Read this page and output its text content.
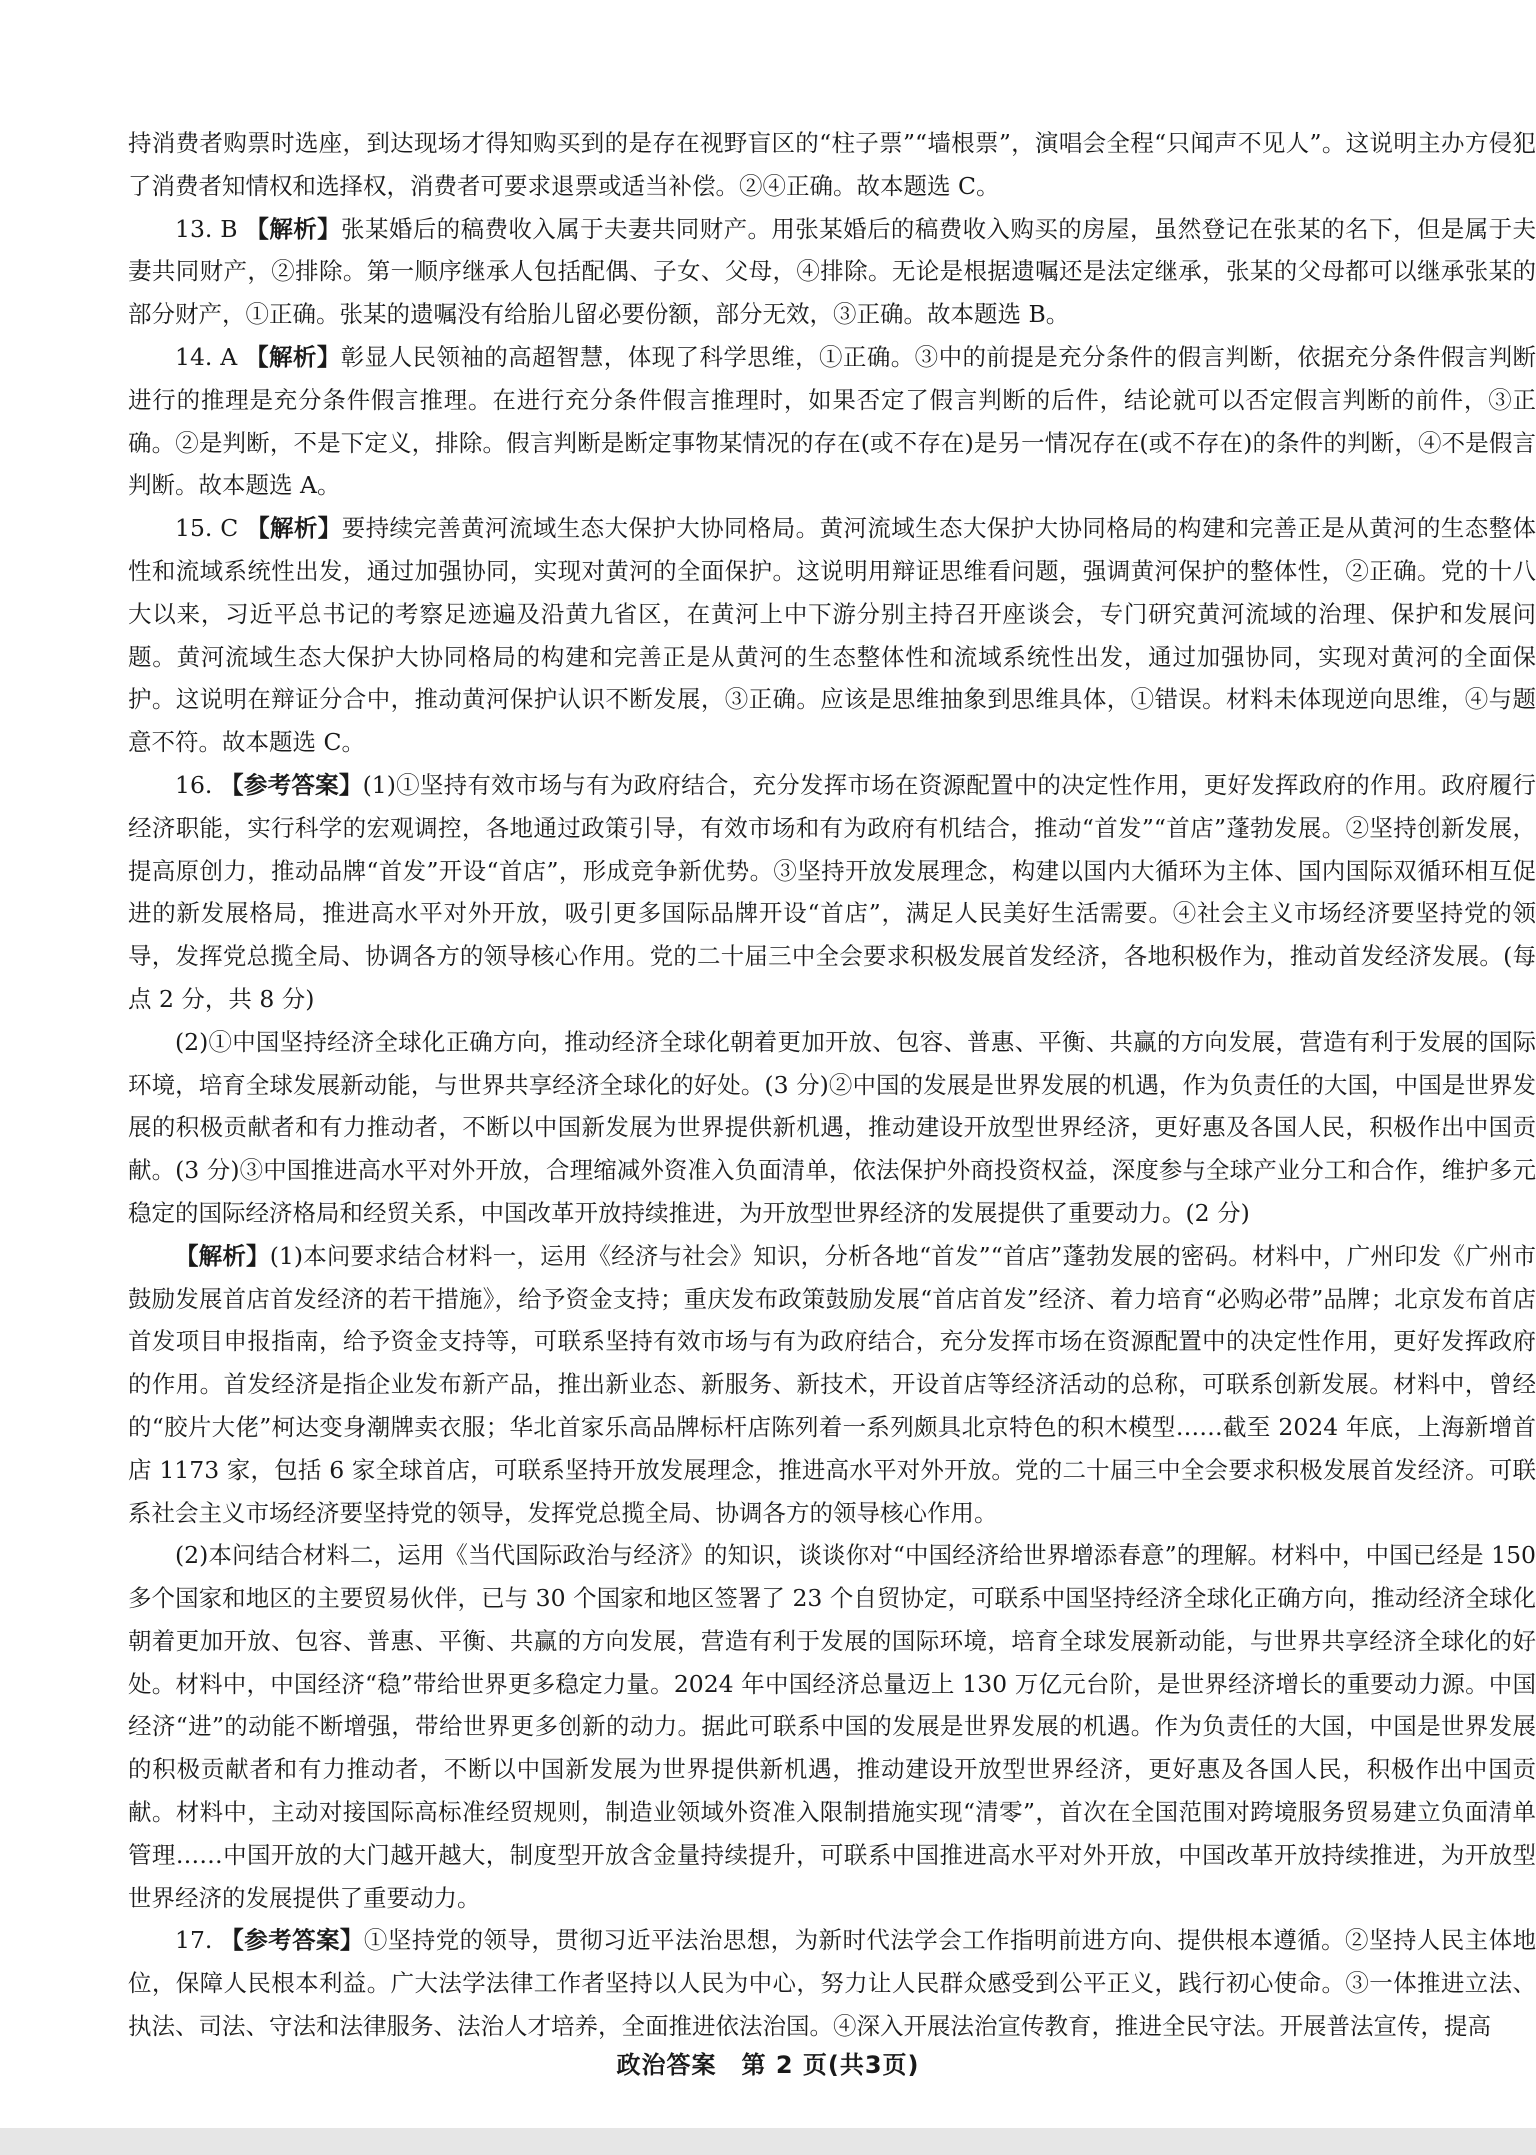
持消费者购票时选座，到达现场才得知购买到的是存在视野盲区的“柱子票”“墙根票”，演唱会全程“只闻声不见人”。这说明主办方侵犯了消费者知情权和选择权，消费者可要求退票或适当补偿。②④正确。故本题选 C。

13. B 【解析】张某婚后的稿费收入属于夫妻共同财产。用张某婚后的稿费收入购买的房屋，虽然登记在张某的名下，但是属于夫妻共同财产，②排除。第一顺序继承人包括配偶、子女、父母，④排除。无论是根据遗嘱还是法定继承，张某的父母都可以继承张某的部分财产，①正确。张某的遗嘱没有给胎儿留必要份额，部分无效，③正确。故本题选 B。

14. A 【解析】彰显人民领袖的高超智慧，体现了科学思维，①正确。③中的前提是充分条件的假言判断，依据充分条件假言判断进行的推理是充分条件假言推理。在进行充分条件假言推理时，如果否定了假言判断的后件，结论就可以否定假言判断的前件，③正确。②是判断，不是下定义，排除。假言判断是断定事物某情况的存在(或不存在)是另一情况存在(或不存在)的条件的判断，④不是假言判断。故本题选 A。

15. C 【解析】要持续完善黄河流域生态大保护大协同格局。黄河流域生态大保护大协同格局的构建和完善正是从黄河的生态整体性和流域系统性出发，通过加强协同，实现对黄河的全面保护。这说明用辩证思维看问题，强调黄河保护的整体性，②正确。党的十八大以来，习近平总书记的考察足迹遍及沿黄九省区，在黄河上中下游分别主持召开座谈会，专门研究黄河流域的治理、保护和发展问题。黄河流域生态大保护大协同格局的构建和完善正是从黄河的生态整体性和流域系统性出发，通过加强协同，实现对黄河的全面保护。这说明在辩证分合中，推动黄河保护认识不断发展，③正确。应该是思维抽象到思维具体，①错误。材料未体现逆向思维，④与题意不符。故本题选 C。

16. 【参考答案】(1)①坚持有效市场与有为政府结合，充分发挥市场在资源配置中的决定性作用，更好发挥政府的作用。政府履行经济职能，实行科学的宏观调控，各地通过政策引导，有效市场和有为政府有机结合，推动“首发”“首店”蓬勃发展。②坚持创新发展，提高原创力，推动品牌“首发”开设“首店”，形成竞争新优势。③坚持开放发展理念，构建以国内大循环为主体、国内国际双循环相互促进的新发展格局，推进高水平对外开放，吸引更多国际品牌开设“首店”，满足人民美好生活需要。④社会主义市场经济要坚持党的领导，发挥党总揽全局、协调各方的领导核心作用。党的二十届三中全会要求积极发展首发经济，各地积极作为，推动首发经济发展。(每点 2 分，共 8 分)

(2)①中国坚持经济全球化正确方向，推动经济全球化朝着更加开放、包容、普惠、平衡、共赢的方向发展，营造有利于发展的国际环境，培育全球发展新动能，与世界共享经济全球化的好处。(3 分)②中国的发展是世界发展的机遇，作为负责任的大国，中国是世界发展的积极贡献者和有力推动者，不断以中国新发展为世界提供新机遇，推动建设开放型世界经济，更好惠及各国人民，积极作出中国贡献。(3 分)③中国推进高水平对外开放，合理缩减外资准入负面清单，依法保护外商投资权益，深度参与全球产业分工和合作，维护多元稳定的国际经济格局和经贸关系，中国改革开放持续推进，为开放型世界经济的发展提供了重要动力。(2 分)

【解析】(1)本问要求结合材料一，运用《经济与社会》知识，分析各地“首发”“首店”蓬勃发展的密码。材料中，广州印发《广州市鼓励发展首店首发经济的若干措施》，给予资金支持；重庆发布政策鼓励发展“首店首发”经济、着力培育“必购必带”品牌；北京发布首店首发项目申报指南，给予资金支持等，可联系坚持有效市场与有为政府结合，充分发挥市场在资源配置中的决定性作用，更好发挥政府的作用。首发经济是指企业发布新产品，推出新业态、新服务、新技术，开设首店等经济活动的总称，可联系创新发展。材料中，曾经的“胶片大佬”柯达变身潮牌卖衣服；华北首家乐高品牌标杆店陈列着一系列颇具北京特色的积木模型……截至 2024 年底，上海新增首店 1173 家，包括 6 家全球首店，可联系坚持开放发展理念，推进高水平对外开放。党的二十届三中全会要求积极发展首发经济。可联系社会主义市场经济要坚持党的领导，发挥党总揽全局、协调各方的领导核心作用。

(2)本问结合材料二，运用《当代国际政治与经济》的知识，谈谈你对“中国经济给世界增添春意”的理解。材料中，中国已经是 150 多个国家和地区的主要贸易伙伴，已与 30 个国家和地区签署了 23 个自贸协定，可联系中国坚持经济全球化正确方向，推动经济全球化朝着更加开放、包容、普惠、平衡、共赢的方向发展，营造有利于发展的国际环境，培育全球发展新动能，与世界共享经济全球化的好处。材料中，中国经济“稳”带给世界更多稳定力量。2024 年中国经济总量迈上 130 万亿元台阶，是世界经济增长的重要动力源。中国经济“进”的动能不断增强，带给世界更多创新的动力。据此可联系中国的发展是世界发展的机遇。作为负责任的大国，中国是世界发展的积极贡献者和有力推动者，不断以中国新发展为世界提供新机遇，推动建设开放型世界经济，更好惠及各国人民，积极作出中国贡献。材料中，主动对接国际高标准经贸规则，制造业领域外资准入限制措施实现“清零”，首次在全国范围对跨境服务贸易建立负面清单管理……中国开放的大门越开越大，制度型开放含金量持续提升，可联系中国推进高水平对外开放，中国改革开放持续推进，为开放型世界经济的发展提供了重要动力。

17. 【参考答案】①坚持党的领导，贯彻习近平法治思想，为新时代法学会工作指明前进方向、提供根本遵循。②坚持人民主体地位，保障人民根本利益。广大法学法律工作者坚持以人民为中心，努力让人民群众感受到公平正义，践行初心使命。③一体推进立法、执法、司法、守法和法律服务、法治人才培养，全面推进依法治国。④深入开展法治宣传教育，推进全民守法。开展普法宣传，提高

政治答案　第 2 页(共3页)
